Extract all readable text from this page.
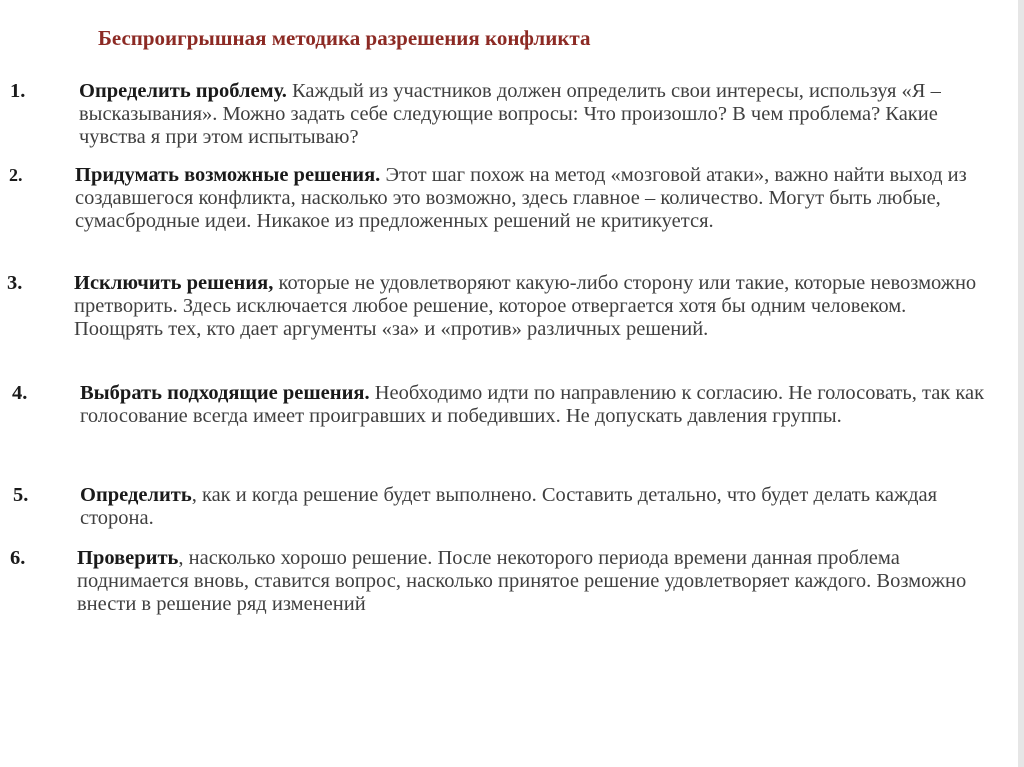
Беспроигрышная методика разрешения конфликта
1.	Определить проблему. Каждый из участников должен определить свои интересы, используя «Я – высказывания». Можно задать себе следующие вопросы: Что произошло? В чем проблема? Какие чувства я при этом испытываю?
2.	Придумать возможные решения. Этот шаг похож на метод «мозговой атаки», важно найти выход из создавшегося конфликта, насколько это возможно, здесь главное – количество. Могут быть любые, сумасбродные идеи. Никакое из предложенных решений не критикуется.
3.	Исключить решения, которые не удовлетворяют какую-либо сторону или такие, которые невозможно претворить. Здесь исключается любое решение, которое отвергается хотя бы одним человеком. Поощрять тех, кто дает аргументы «за» и «против» различных решений.
4.	Выбрать подходящие решения. Необходимо идти по направлению к согласию. Не голосовать, так как голосование всегда имеет проигравших и победивших. Не допускать давления группы.
5.	Определить, как и когда решение будет выполнено. Составить детально, что будет делать каждая сторона.
6.	Проверить, насколько хорошо решение. После некоторого периода времени данная проблема поднимается вновь, ставится вопрос, насколько принятое решение удовлетворяет каждого. Возможно внести в решение ряд изменений
